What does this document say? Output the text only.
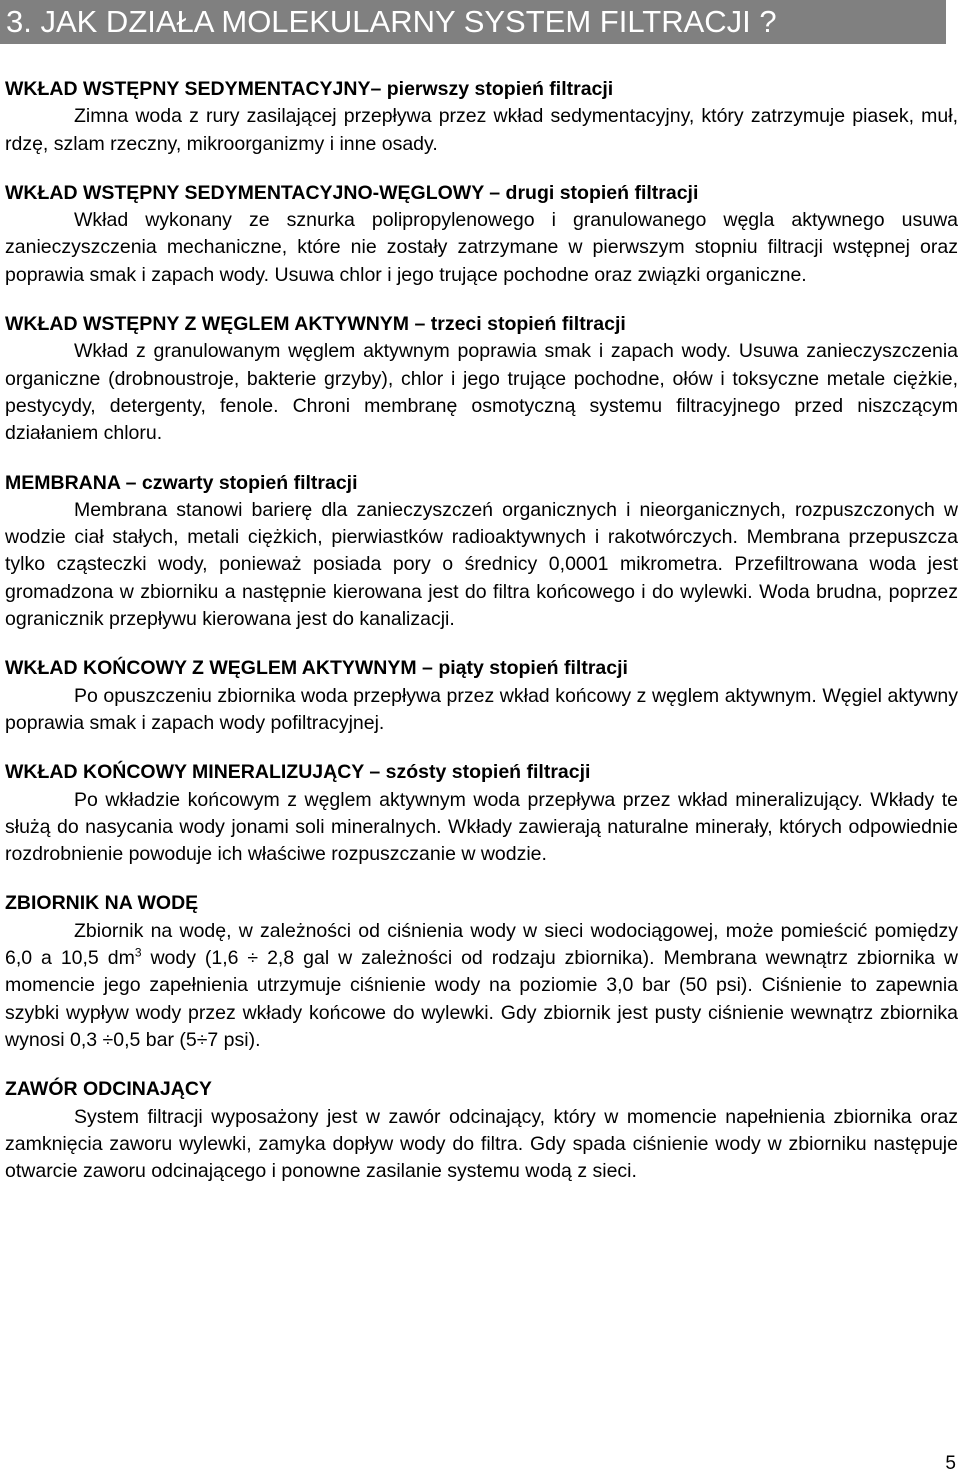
3. JAK DZIAŁA MOLEKULARNY SYSTEM FILTRACJI ?
WKŁAD WSTĘPNY SEDYMENTACYJNY– pierwszy stopień filtracji
Zimna woda z rury zasilającej przepływa przez wkład sedymentacyjny, który zatrzymuje piasek, muł, rdzę, szlam rzeczny, mikroorganizmy i inne osady.
WKŁAD WSTĘPNY SEDYMENTACYJNO-WĘGLOWY – drugi stopień filtracji
Wkład wykonany ze sznurka polipropylenowego i granulowanego węgla aktywnego usuwa zanieczyszczenia mechaniczne, które nie zostały zatrzymane w pierwszym stopniu filtracji wstępnej oraz poprawia smak i zapach wody. Usuwa chlor i jego trujące pochodne oraz związki organiczne.
WKŁAD WSTĘPNY Z WĘGLEM AKTYWNYM – trzeci stopień filtracji
Wkład z granulowanym węglem aktywnym poprawia smak i zapach wody. Usuwa zanieczyszczenia organiczne (drobnoustroje, bakterie grzyby), chlor i jego trujące pochodne, ołów i toksyczne metale ciężkie, pestycydy, detergenty, fenole. Chroni membranę osmotyczną systemu filtracyjnego przed niszczącym działaniem chloru.
MEMBRANA – czwarty stopień filtracji
Membrana stanowi barierę dla zanieczyszczeń organicznych i nieorganicznych, rozpuszczonych w wodzie ciał stałych, metali ciężkich, pierwiastków radioaktywnych i rakotwórczych. Membrana przepuszcza tylko cząsteczki wody, ponieważ posiada pory o średnicy 0,0001 mikrometra. Przefiltrowana woda jest gromadzona w zbiorniku a następnie kierowana jest do filtra końcowego i do wylewki. Woda brudna, poprzez ogranicznik przepływu kierowana jest do kanalizacji.
WKŁAD KOŃCOWY Z WĘGLEM AKTYWNYM – piąty stopień filtracji
Po opuszczeniu zbiornika woda przepływa przez wkład końcowy z węglem aktywnym. Węgiel aktywny poprawia smak i zapach wody pofiltracyjnej.
WKŁAD KOŃCOWY MINERALIZUJĄCY – szósty stopień filtracji
Po wkładzie końcowym z węglem aktywnym woda przepływa przez wkład mineralizujący. Wkłady te służą do nasycania wody jonami soli mineralnych. Wkłady zawierają naturalne minerały, których odpowiednie rozdrobnienie powoduje ich właściwe rozpuszczanie w wodzie.
ZBIORNIK NA WODĘ
Zbiornik na wodę, w zależności od ciśnienia wody w sieci wodociągowej, może pomieścić pomiędzy 6,0 a 10,5 $dm^3$ wody (1,6 ÷ 2,8 gal w zależności od rodzaju zbiornika). Membrana wewnątrz zbiornika w momencie jego zapełnienia utrzymuje ciśnienie wody na poziomie 3,0 bar (50 psi). Ciśnienie to zapewnia szybki wypływ wody przez wkłady końcowe do wylewki. Gdy zbiornik jest pusty ciśnienie wewnątrz zbiornika wynosi 0,3 ÷0,5 bar (5÷7 psi).
ZAWÓR ODCINAJĄCY
System filtracji wyposażony jest w zawór odcinający, który w momencie napełnienia zbiornika oraz zamknięcia zaworu wylewki, zamyka dopływ wody do filtra. Gdy spada ciśnienie wody w zbiorniku następuje otwarcie zaworu odcinającego i ponowne zasilanie systemu wodą z sieci.
5
